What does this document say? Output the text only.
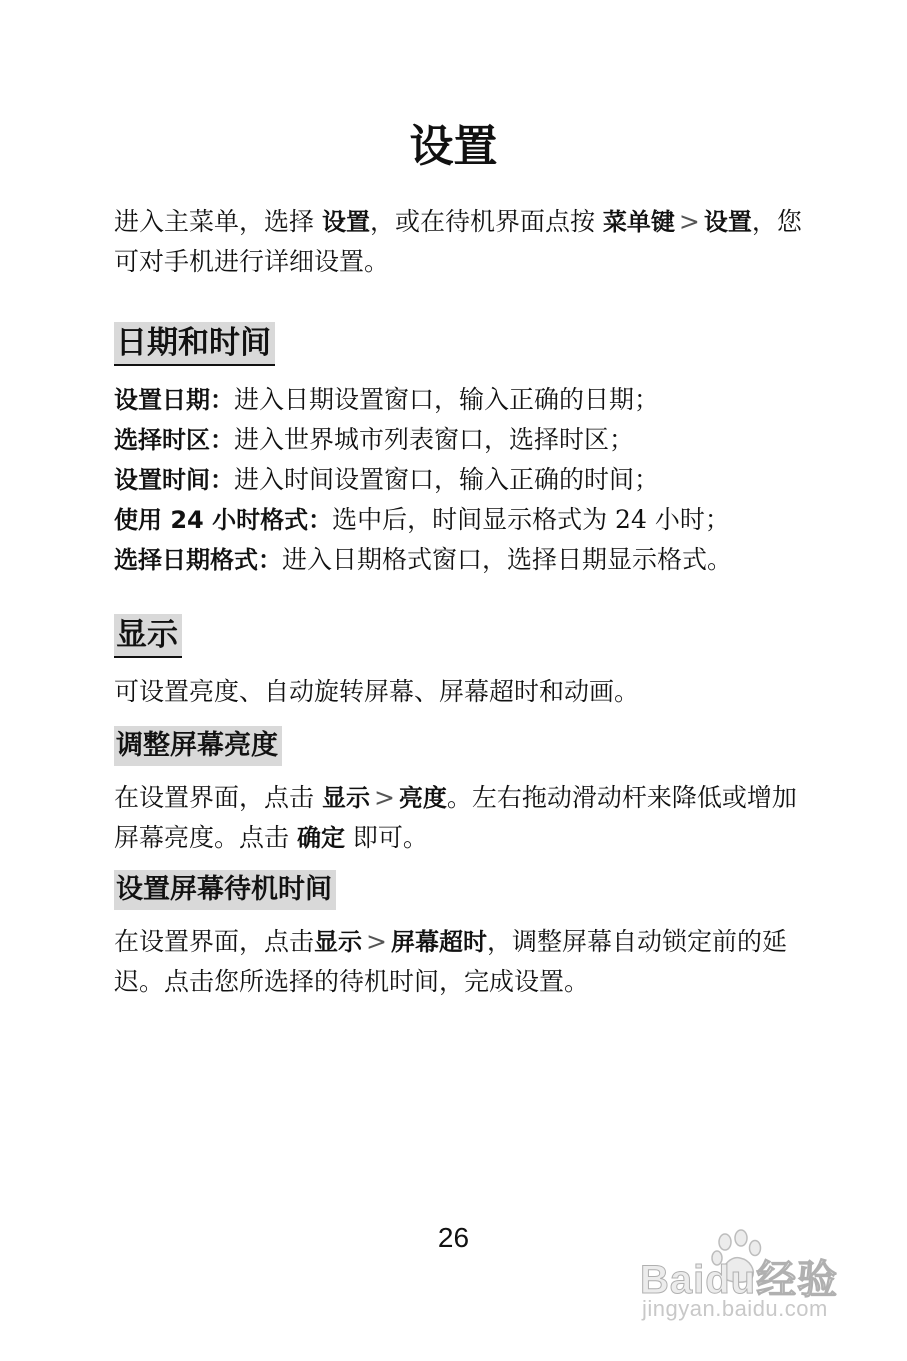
设置

进入主菜单，选择 设置，或在待机界面点按 菜单键 > 设置，您可对手机进行详细设置。

日期和时间

设置日期：进入日期设置窗口，输入正确的日期；

选择时区：进入世界城市列表窗口，选择时区；

设置时间：进入时间设置窗口，输入正确的时间；

使用 24 小时格式：选中后，时间显示格式为 24 小时；

选择日期格式：进入日期格式窗口，选择日期显示格式。

显示

可设置亮度、自动旋转屏幕、屏幕超时和动画。

调整屏幕亮度

在设置界面，点击 显示 > 亮度。左右拖动滑动杆来降低或增加屏幕亮度。点击 确定 即可。

设置屏幕待机时间

在设置界面，点击显示 > 屏幕超时，调整屏幕自动锁定前的延迟。点击您所选择的待机时间，完成设置。

26
Baidu经验
jingyan.baidu.com
